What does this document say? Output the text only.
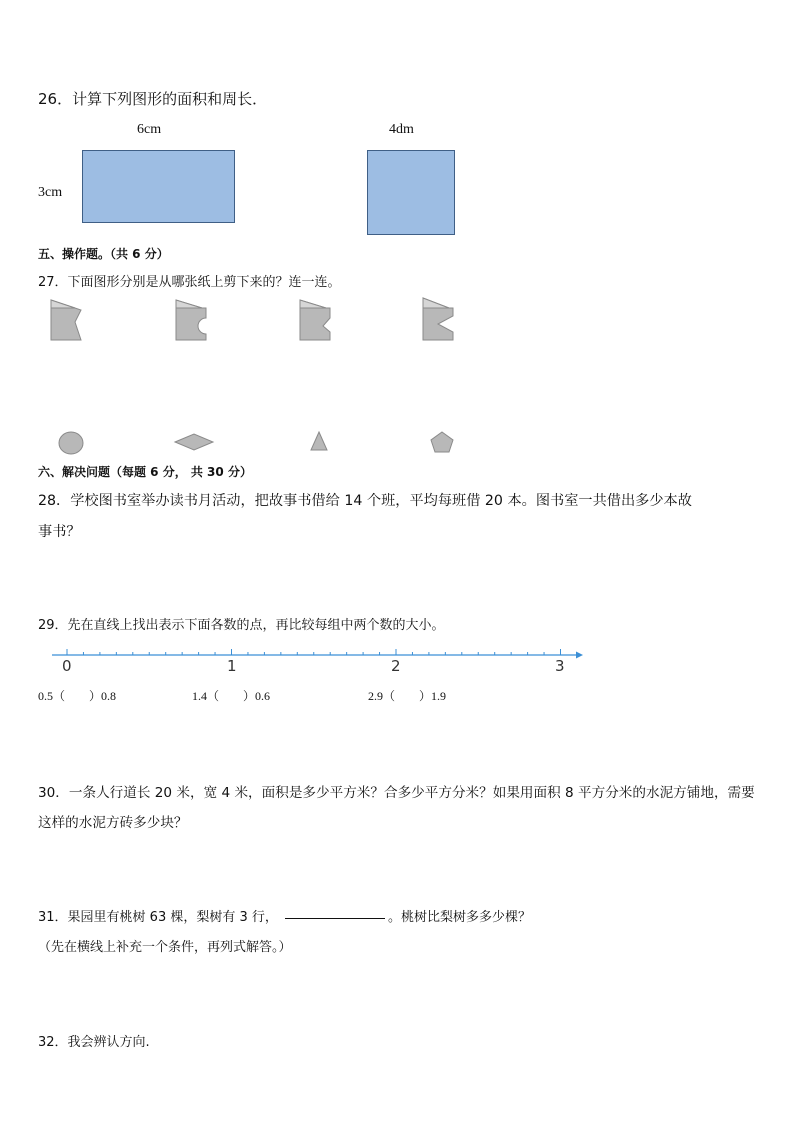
26．计算下列图形的面积和周长．
6cm
3cm
4dm
五、操作题。（共 6 分）
27．下面图形分别是从哪张纸上剪下来的？连一连。
六、解决问题（每题 6 分， 共 30 分）
28．学校图书室举办读书月活动，把故事书借给 14 个班，平均每班借 20 本。图书室一共借出多少本故
事书？
29．先在直线上找出表示下面各数的点，再比较每组中两个数的大小。
0	1	2	3
0.5（　　）0.8	1.4（　　）0.6	2.9（　　）1.9
30．一条人行道长 20 米，宽 4 米，面积是多少平方米？合多少平方分米？如果用面积 8 平方分米的水泥方铺地，需要
这样的水泥方砖多少块？
31．果园里有桃树 63 棵，梨树有 3 行，	。桃树比梨树多多少棵？
（先在横线上补充一个条件，再列式解答。）
32．我会辨认方向.
